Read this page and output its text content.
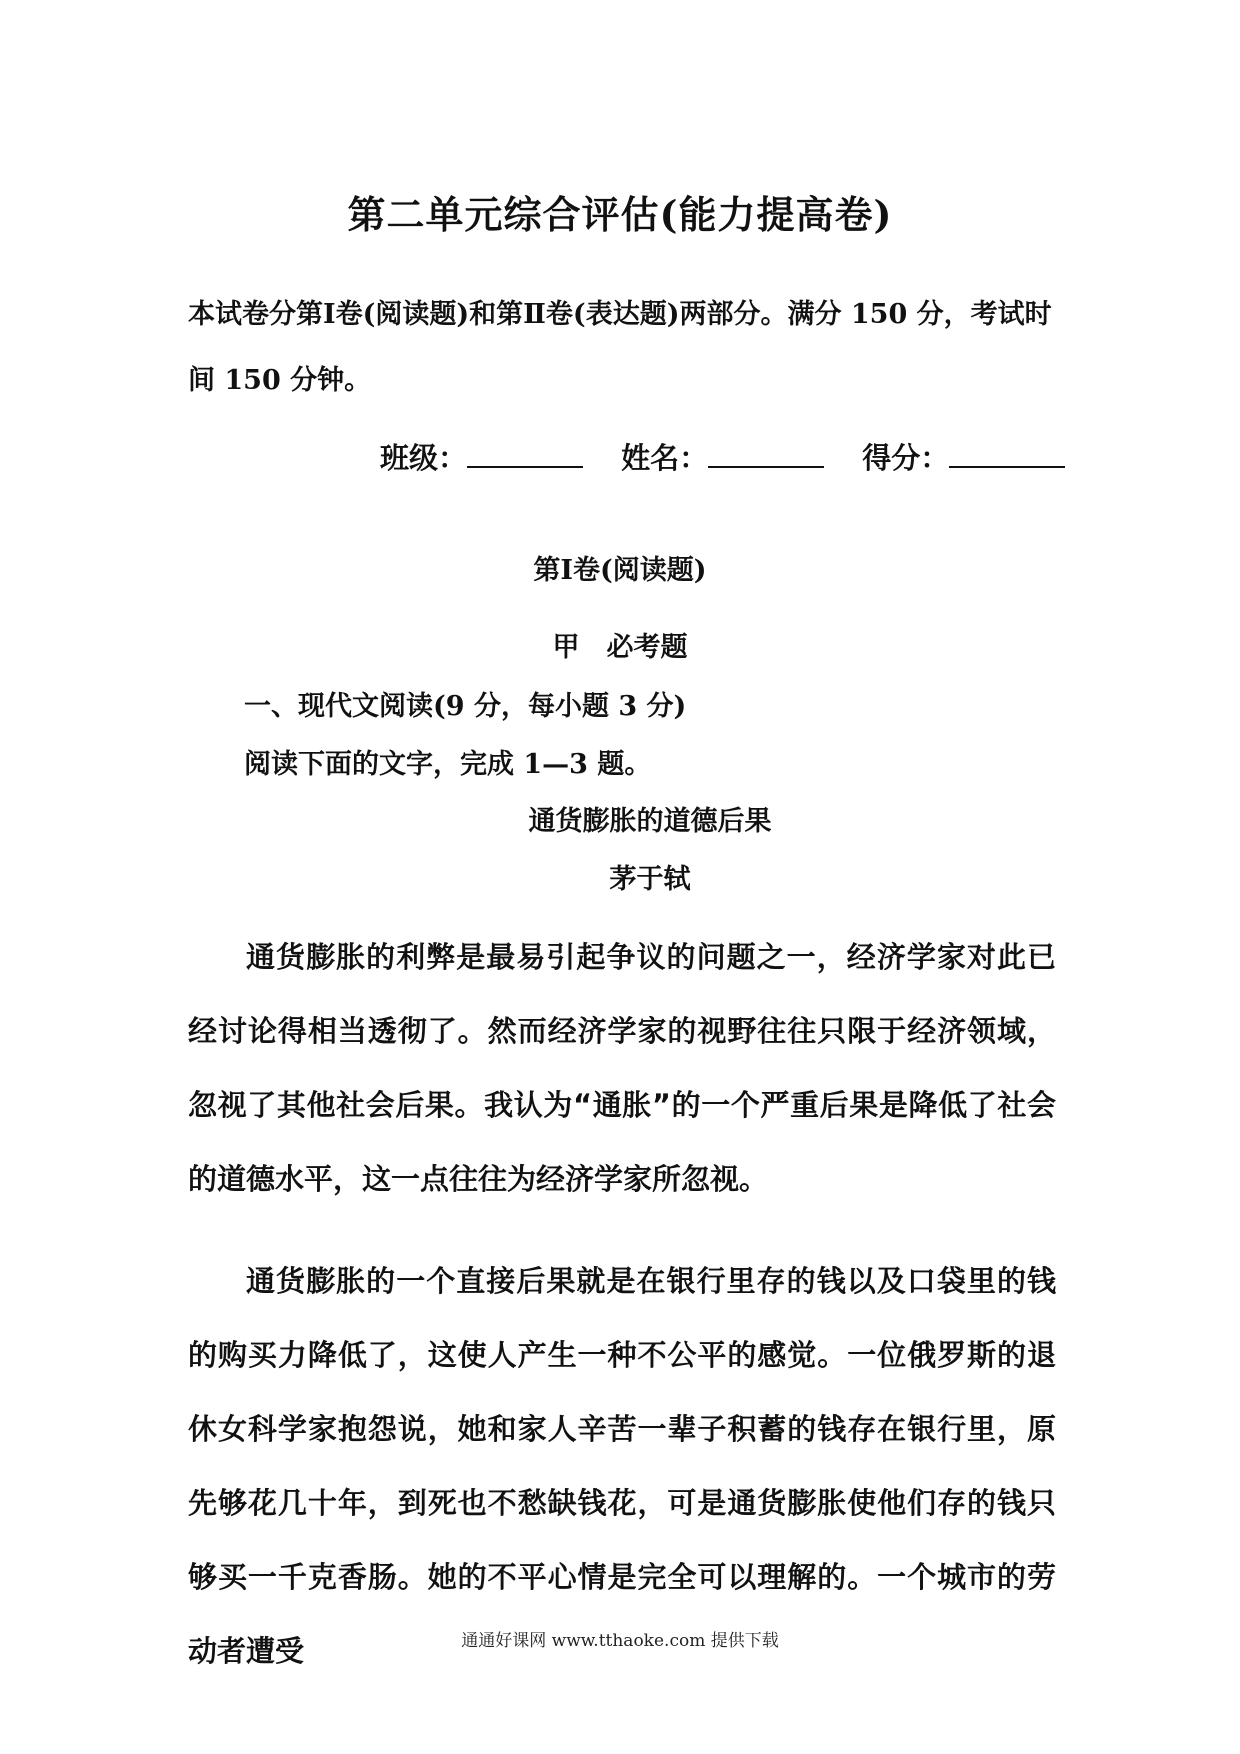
第二单元综合评估(能力提高卷)

本试卷分第Ⅰ卷(阅读题)和第Ⅱ卷(表达题)两部分。满分 150 分，考试时间 150 分钟。

班级：	姓名：	得分：
第Ⅰ卷(阅读题)
甲　必考题

一、现代文阅读(9 分，每小题 3 分)

阅读下面的文字，完成 1—3 题。

通货膨胀的道德后果

茅于轼

通货膨胀的利弊是最易引起争议的问题之一，经济学家对此已经讨论得相当透彻了。然而经济学家的视野往往只限于经济领域，忽视了其他社会后果。我认为“通胀”的一个严重后果是降低了社会的道德水平，这一点往往为经济学家所忽视。

通货膨胀的一个直接后果就是在银行里存的钱以及口袋里的钱的购买力降低了，这使人产生一种不公平的感觉。一位俄罗斯的退休女科学家抱怨说，她和家人辛苦一辈子积蓄的钱存在银行里，原先够花几十年，到死也不愁缺钱花，可是通货膨胀使他们存的钱只够买一千克香肠。她的不平心情是完全可以理解的。一个城市的劳动者遭受	通通好课网 www.tthaoke.com 提供下载
